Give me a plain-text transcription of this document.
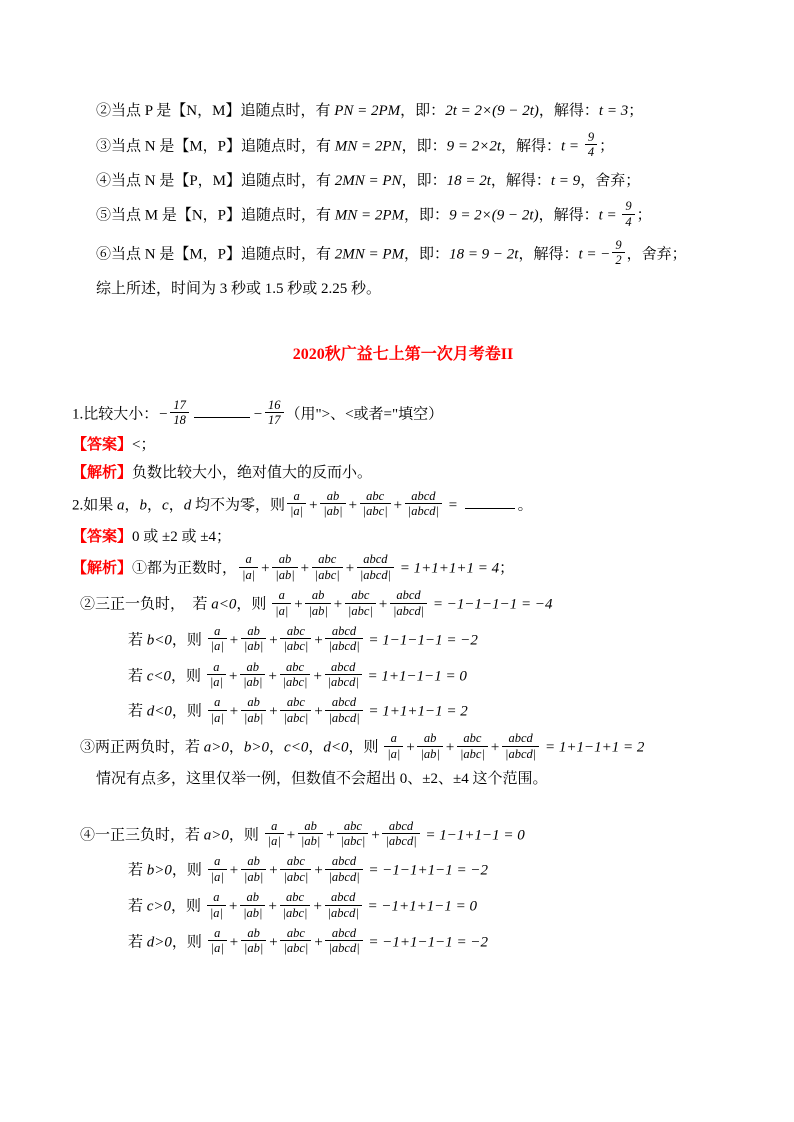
②当点 P 是【N，M】追随点时，有 PN = 2PM，即：2t = 2×(9 − 2t)，解得：t = 3；
③当点 N 是【M，P】追随点时，有 MN = 2PN，即：9 = 2×2t，解得：$t = \frac{9}{4}$ ；
④当点 N 是【P，M】追随点时，有 2MN = PN，即：18 = 2t，解得：t = 9，舍弃；
⑤当点 M 是【N，P】追随点时，有 MN = 2PM，即：9 = 2×(9 − 2t)，解得：$t = \frac{9}{4}$ ；
⑥当点 N 是【M，P】追随点时，有 2MN = PM，即：18 = 9 − 2t，解得：t = − $\frac{9}{2}$ ，舍弃；
综上所述，时间为 3 秒或 1.5 秒或 2.25 秒。
2020秋广益七上第一次月考卷II
1.比较大小：− $\frac{17}{18}$	− $\frac{16}{17}$ （用">、<或者="填空）
【答案】<；
【解析】负数比较大小，绝对值大的反而小。
2.如果 a，b，c，d 均不为零，则 $\frac{a}{|a|} + \frac{ab}{|ab|} + \frac{\text{abc}}{\text{|abc|}} + \frac{\text{abcd}}{\text{|abcd|}}$ =	。
【答案】0 或 ±2 或 ±4；
【解析】①都为正数时， $\frac{a}{|a|} + \frac{ab}{|ab|} + \frac{\text{abc}}{\text{|abc|}} + \frac{\text{abcd}}{\text{|abcd|}} = 1+1+1+1 = 4$；
②三正一负时，　若 a<0，则 $\frac{a}{|a|} + \frac{ab}{|ab|} + \frac{\text{abc}}{\text{|abc|}} + \frac{\text{abcd}}{\text{|abcd|}} = -1-1-1-1 = -4$
若 b<0，则 $\frac{a}{|a|} + \frac{ab}{|ab|} + \frac{\text{abc}}{\text{|abc|}} + \frac{\text{abcd}}{\text{|abcd|}} = 1-1-1-1 = -2$
若 c<0，则 $\frac{a}{|a|} + \frac{ab}{|ab|} + \frac{\text{abc}}{\text{|abc|}} + \frac{\text{abcd}}{\text{|abcd|}} = 1+1-1-1 = 0$
若 d<0，则 $\frac{a}{|a|} + \frac{ab}{|ab|} + \frac{\text{abc}}{\text{|abc|}} + \frac{\text{abcd}}{\text{|abcd|}} = 1+1+1-1 = 2$
③两正两负时，若 a>0，b>0，c<0，d<0，则 $\frac{a}{|a|} + \frac{ab}{|ab|} + \frac{\text{abc}}{\text{|abc|}} + \frac{\text{abcd}}{\text{|abcd|}} = 1+1-1+1 = 2$
情况有点多，这里仅举一例，但数值不会超出 0、±2、±4 这个范围。
④一正三负时，若 a>0，则 $\frac{a}{|a|} + \frac{ab}{|ab|} + \frac{\text{abc}}{\text{|abc|}} + \frac{\text{abcd}}{\text{|abcd|}} = 1-1+1-1 = 0$
若 b>0，则 $\frac{a}{|a|} + \frac{ab}{|ab|} + \frac{\text{abc}}{\text{|abc|}} + \frac{\text{abcd}}{\text{|abcd|}} = -1-1+1-1 = -2$
若 c>0，则 $\frac{a}{|a|} + \frac{ab}{|ab|} + \frac{\text{abc}}{\text{|abc|}} + \frac{\text{abcd}}{\text{|abcd|}} = -1+1+1-1 = 0$
若 d>0，则 $\frac{a}{|a|} + \frac{ab}{|ab|} + \frac{\text{abc}}{\text{|abc|}} + \frac{\text{abcd}}{\text{|abcd|}} = -1+1-1-1 = -2$
